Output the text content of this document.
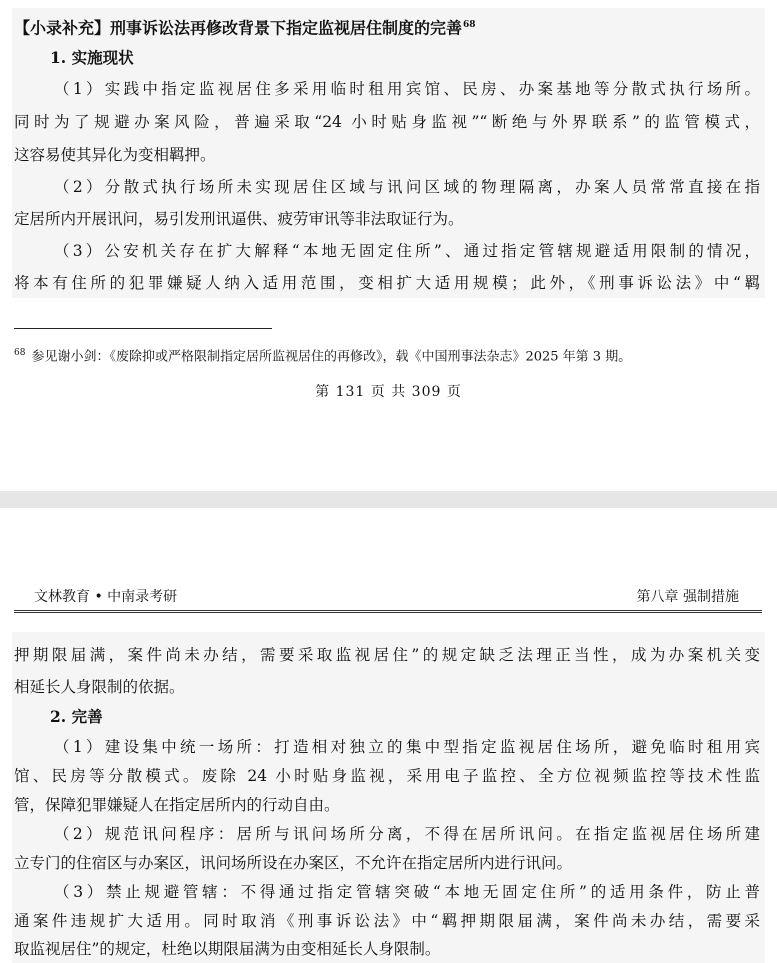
【小录补充】刑事诉讼法再修改背景下指定监视居住制度的完善$^{68}$
1. 实施现状
（1）实践中指定监视居住多采用临时租用宾馆、民房、办案基地等分散式执行场所。
同时为了规避办案风险，普遍采取“24 小时贴身监视”“断绝与外界联系”的监管模式，
这容易使其异化为变相羁押。
（2）分散式执行场所未实现居住区域与讯问区域的物理隔离，办案人员常常直接在指
定居所内开展讯问，易引发刑讯逼供、疲劳审讯等非法取证行为。
（3）公安机关存在扩大解释“本地无固定住所”、通过指定管辖规避适用限制的情况，
将本有住所的犯罪嫌疑人纳入适用范围，变相扩大适用规模；此外，《刑事诉讼法》中“羁
$^{68}$ 参见谢小剑：《废除抑或严格限制指定居所监视居住的再修改》，载《中国刑事法杂志》2025 年第 3 期。
第 131 页 共 309 页
文林教育 • 中南录考研	第八章 强制措施
押期限届满，案件尚未办结，需要采取监视居住”的规定缺乏法理正当性，成为办案机关变
相延长人身限制的依据。
2. 完善
（1）建设集中统一场所：打造相对独立的集中型指定监视居住场所，避免临时租用宾
馆、民房等分散模式。废除 24 小时贴身监视，采用电子监控、全方位视频监控等技术性监
管，保障犯罪嫌疑人在指定居所内的行动自由。
（2）规范讯问程序：居所与讯问场所分离，不得在居所讯问。在指定监视居住场所建
立专门的住宿区与办案区，讯问场所设在办案区，不允许在指定居所内进行讯问。
（3）禁止规避管辖：不得通过指定管辖突破“本地无固定住所”的适用条件，防止普
通案件违规扩大适用。同时取消《刑事诉讼法》中“羁押期限届满，案件尚未办结，需要采
取监视居住”的规定，杜绝以期限届满为由变相延长人身限制。
